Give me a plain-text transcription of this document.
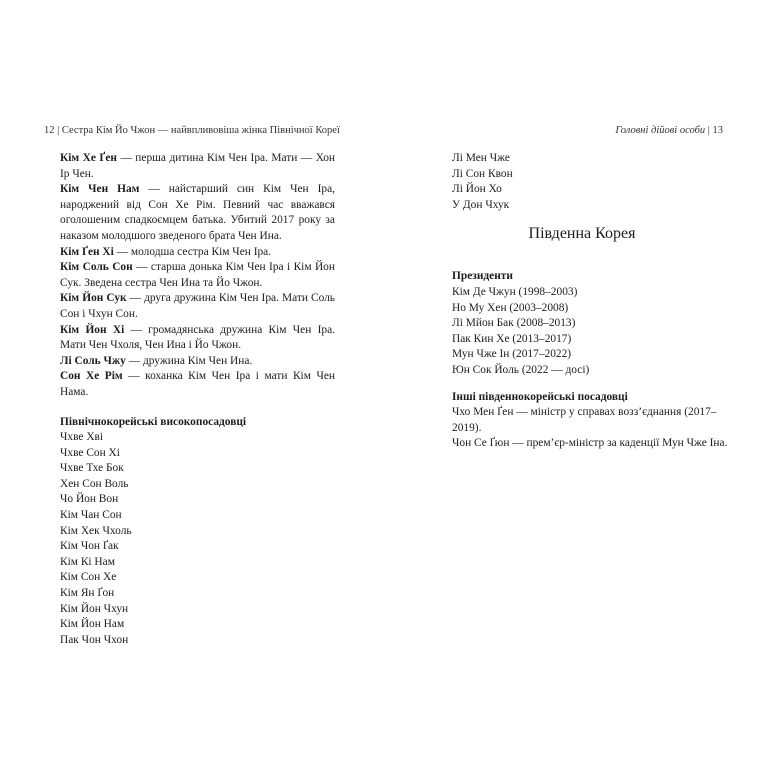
12 | Сестра Кім Йо Чжон — найвпливовіша жінка Північної Кореї

Кім Хе Ґен — перша дитина Кім Чен Іра. Мати — Хон Ір Чен.

Кім Чен Нам — найстарший син Кім Чен Іра, народжений від Сон Хе Рім. Певний час вважався оголошеним спадкоємцем батька. Убитий 2017 року за наказом молодшого зведеного брата Чен Ина.

Кім Ґен Хі — молодша сестра Кім Чен Іра.

Кім Соль Сон — старша донька Кім Чен Іра і Кім Йон Сук. Зведена сестра Чен Ина та Йо Чжон.

Кім Йон Сук — друга дружина Кім Чен Іра. Мати Соль Сон і Чхун Сон.

Кім Йон Хі — громадянська дружина Кім Чен Іра. Мати Чен Чхоля, Чен Ина і Йо Чжон.

Лі Соль Чжу — дружина Кім Чен Ина.

Сон Хе Рім — коханка Кім Чен Іра і мати Кім Чен Нама.

Північнокорейські високопосадовці

Чхве Хві

Чхве Сон Хі

Чхве Тхе Бок

Хен Сон Воль

Чо Йон Вон

Кім Чан Сон

Кім Хек Чхоль

Кім Чон Ґак

Кім Кі Нам

Кім Сон Хе

Кім Ян Ґон

Кім Йон Чхун

Кім Йон Нам

Пак Чон Чхон

Головні дійові особи | 13

Лі Мен Чже

Лі Сон Квон

Лі Йон Хо

У Дон Чхук

Південна Корея

Президенти

Кім Де Чжун (1998–2003)

Но Му Хен (2003–2008)

Лі Мйон Бак (2008–2013)

Пак Кин Хе (2013–2017)

Мун Чже Ін (2017–2022)

Юн Сок Йоль (2022 — досі)

Інші південнокорейські посадовці

Чхо Мен Ґен — міністр у справах возз’єднання (2017–2019).

Чон Се Ґюн — прем’єр-міністр за каденції Мун Чже Іна.
